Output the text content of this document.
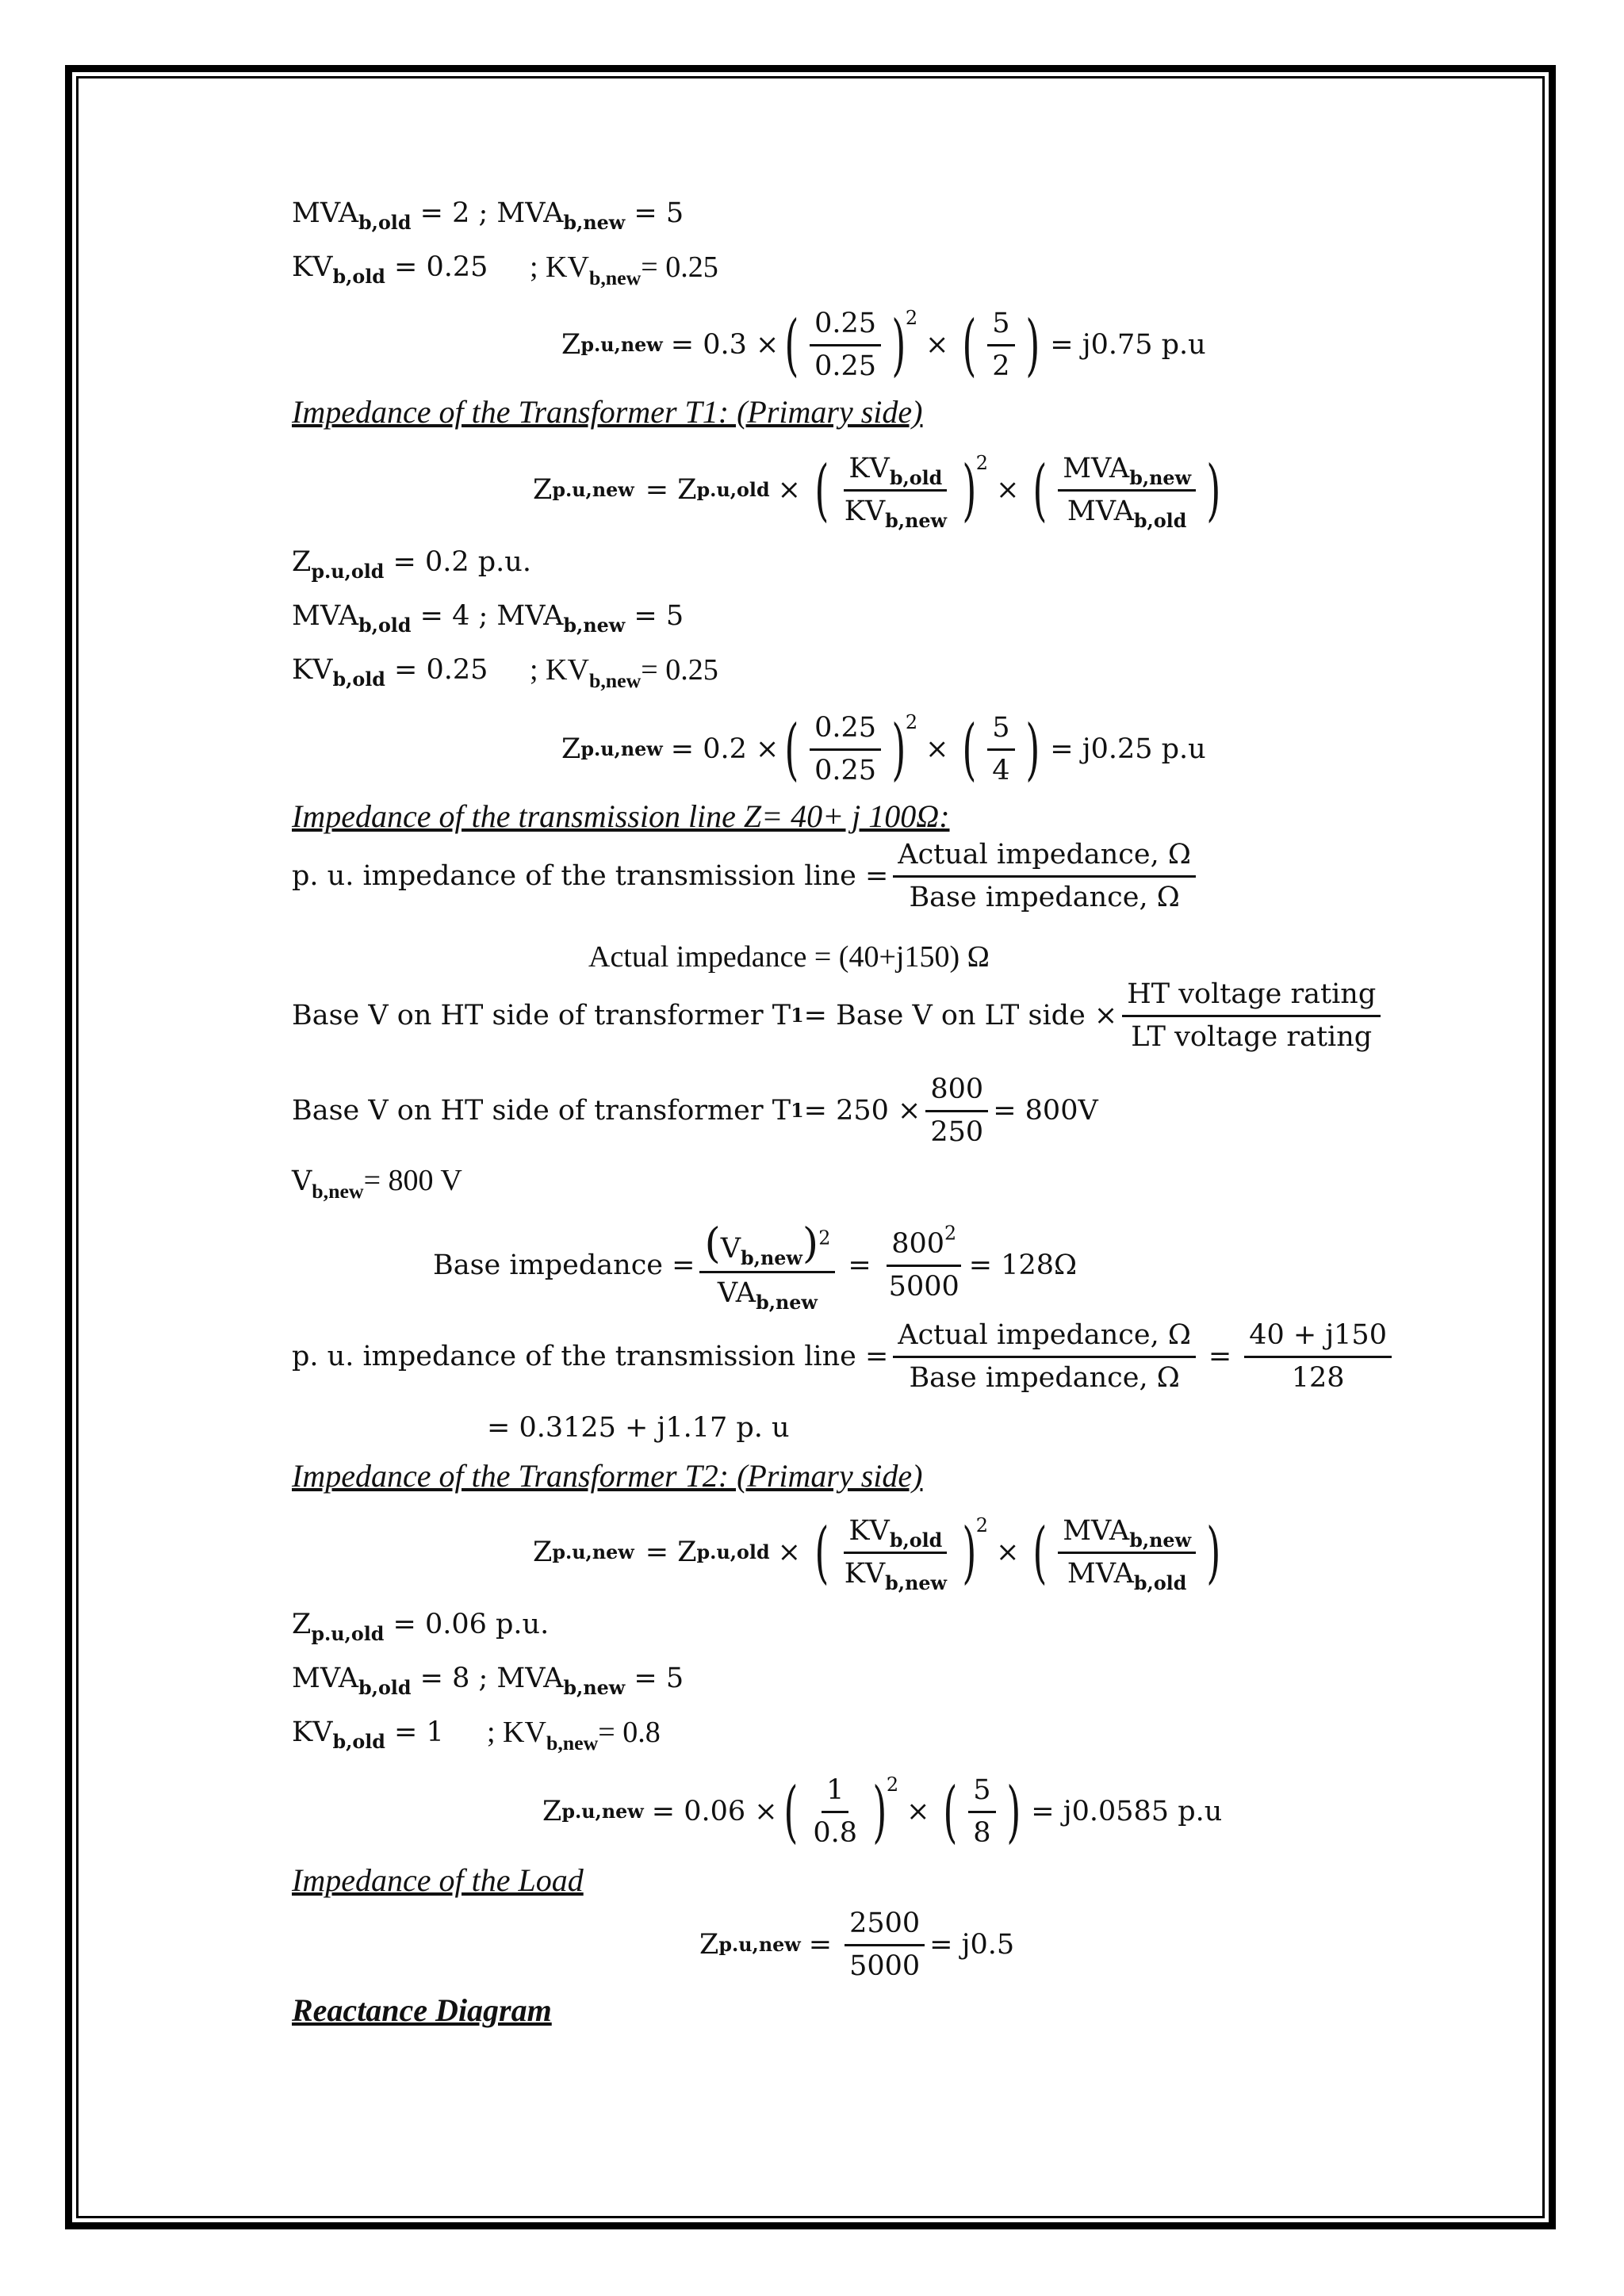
$MVA_{b,old} = 2$ ; $MVA_{b,new} = 5$
$KV_{b,old} = 0.25$ ; $KV_{b,new}= 0.25$
Z p.u,new = 0.3 × ( $\frac{0.25}{0.25}$ ) 2
× ( $\frac{5}{2}$ ) = j0.75 p.u
Impedance of the Transformer T1: (Primary side)
Z p.u,new = Z p.u,old × ( $\frac{KV_{b,old}}{KV_{b,new}}$ ) 2
× ( $\frac{MVA_{b,new}}{MVA_{b,old}}$ )
$Z_{p.u,old} = 0.2$ p.u.
$MVA_{b,old} = 4$ ; $MVA_{b,new} = 5$
$KV_{b,old} = 0.25$ ; $KV_{b,new}= 0.25$
Z p.u,new = 0.2 × ( $\frac{0.25}{0.25}$ ) 2
× ( $\frac{5}{4}$ ) = j0.25 p.u
Impedance of the transmission line Z= 40+ j 100Ω:
p. u. impedance of the transmission line = $\frac{\text{Actual impedance, Ω}}{\text{Base impedance, Ω}}$
Actual impedance = (40+j150) Ω
Base V on HT side of transformer T 1 = Base V on LT side × $\frac{\text{HT voltage rating}}{\text{LT voltage rating}}$
Base V on HT side of transformer T $1 = 250 \times \frac{800}{250} = 800V$
$V_{b,new}= 800$ V
Base impedance = $\frac{(V_{b,new})^2}{VA_{b,new}} = \frac{800^2}{5000} = 128\Omega$
p. u. impedance of the transmission line = $\frac{\text{Actual impedance, Ω}}{\text{Base impedance, Ω}} = \frac{40 + j150}{128}$
= 0.3125 + j1.17 p. u
Impedance of the Transformer T2: (Primary side)
Z p.u,new = Z p.u,old × ( $\frac{KV_{b,old}}{KV_{b,new}}$ ) 2
× ( $\frac{MVA_{b,new}}{MVA_{b,old}}$ )
$Z_{p.u,old} = 0.06$ p.u.
$MVA_{b,old} = 8$ ; $MVA_{b,new} = 5$
$KV_{b,old} = 1$ ; $KV_{b,new}= 0.8$
Z p.u,new = 0.06 × ( $\frac{1}{0.8}$ ) 2
× ( $\frac{5}{8}$ ) = j0.0585 p.u
Impedance of the Load
Z $p.u,new = \frac{2500}{5000} = j0.5$
Reactance Diagram
